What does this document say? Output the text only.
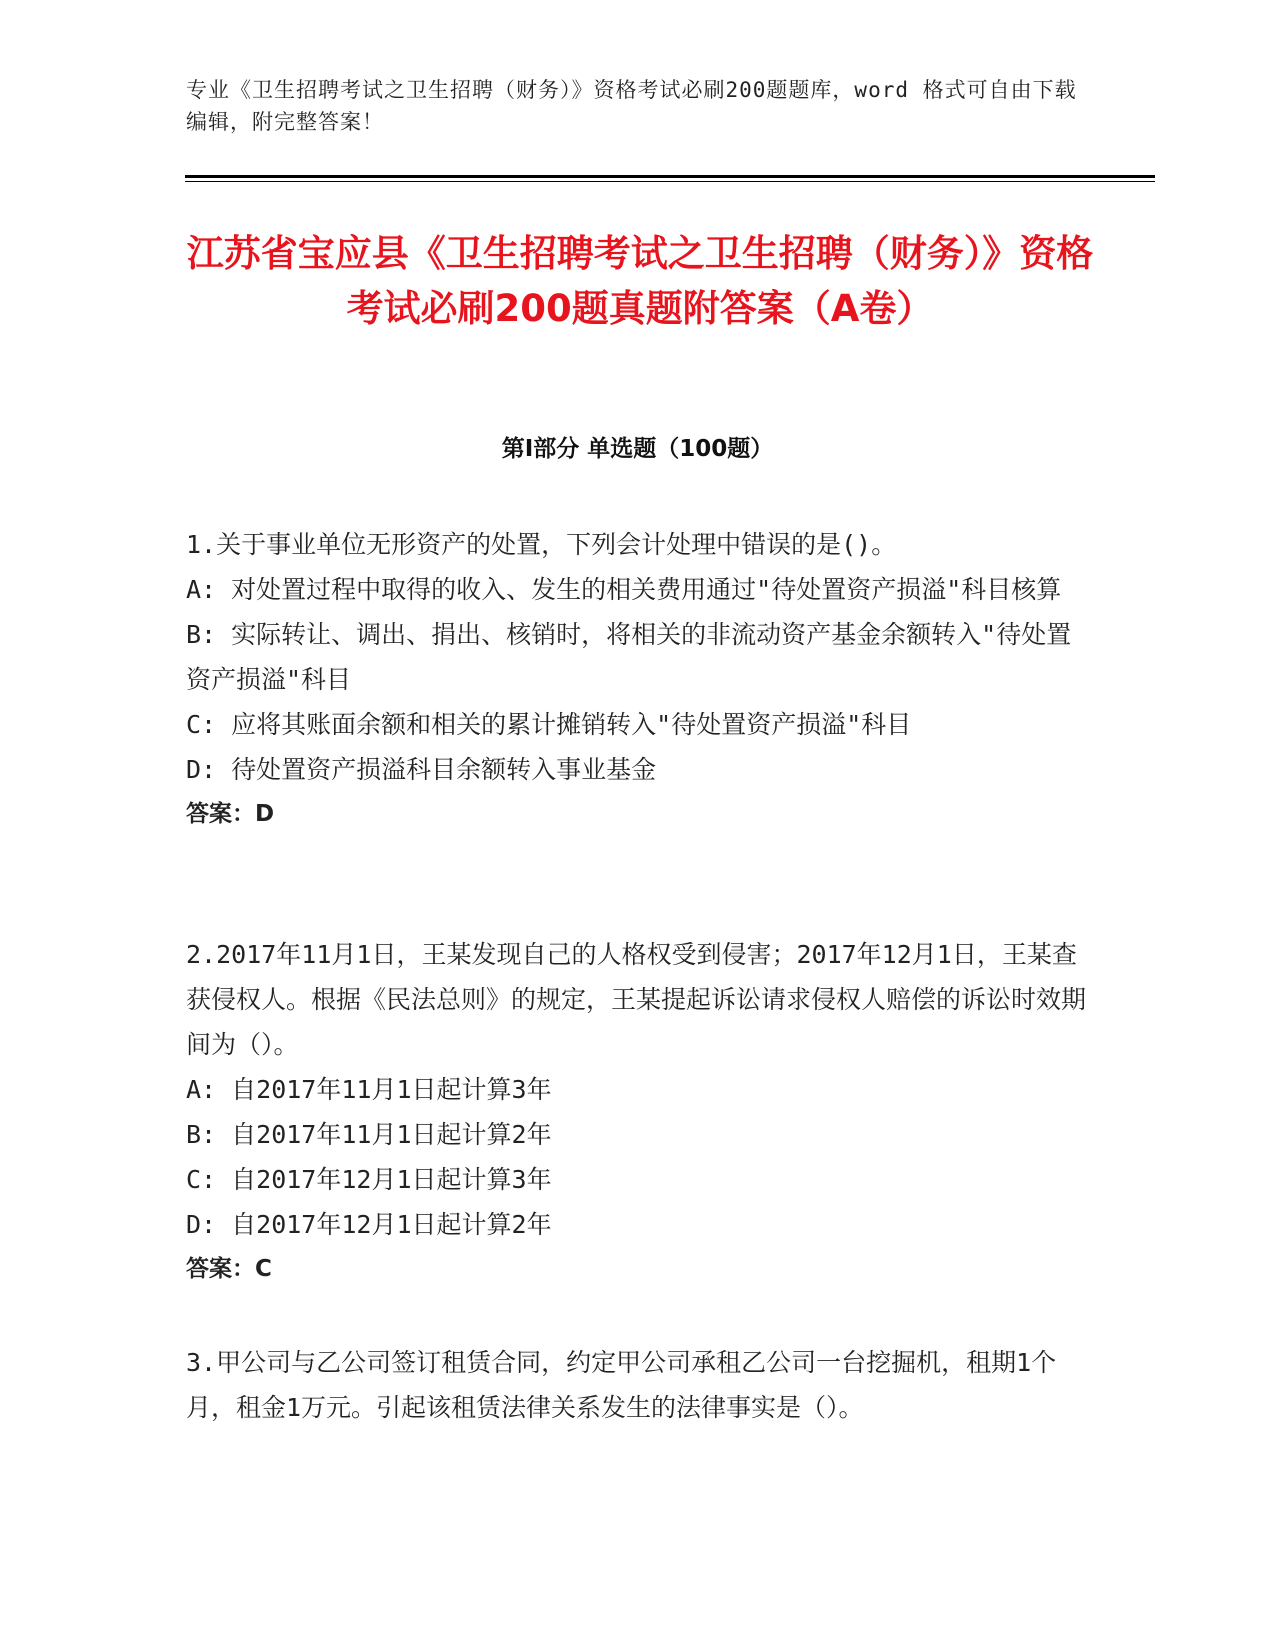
专业《卫生招聘考试之卫生招聘（财务）》资格考试必刷200题题库，word 格式可自由下载编辑，附完整答案！
江苏省宝应县《卫生招聘考试之卫生招聘（财务）》资格考试必刷200题真题附答案（A卷）
第Ⅰ部分 单选题（100题）

1.关于事业单位无形资产的处置，下列会计处理中错误的是()。

A: 对处置过程中取得的收入、发生的相关费用通过"待处置资产损溢"科目核算

B: 实际转让、调出、捐出、核销时，将相关的非流动资产基金余额转入"待处置资产损溢"科目

C: 应将其账面余额和相关的累计摊销转入"待处置资产损溢"科目

D: 待处置资产损溢科目余额转入事业基金

答案：D

2.2017年11月1日，王某发现自己的人格权受到侵害；2017年12月1日，王某查获侵权人。根据《民法总则》的规定，王某提起诉讼请求侵权人赔偿的诉讼时效期间为（）。

A: 自2017年11月1日起计算3年

B: 自2017年11月1日起计算2年

C: 自2017年12月1日起计算3年

D: 自2017年12月1日起计算2年

答案：C

3.甲公司与乙公司签订租赁合同，约定甲公司承租乙公司一台挖掘机，租期1个月，租金1万元。引起该租赁法律关系发生的法律事实是（）。
